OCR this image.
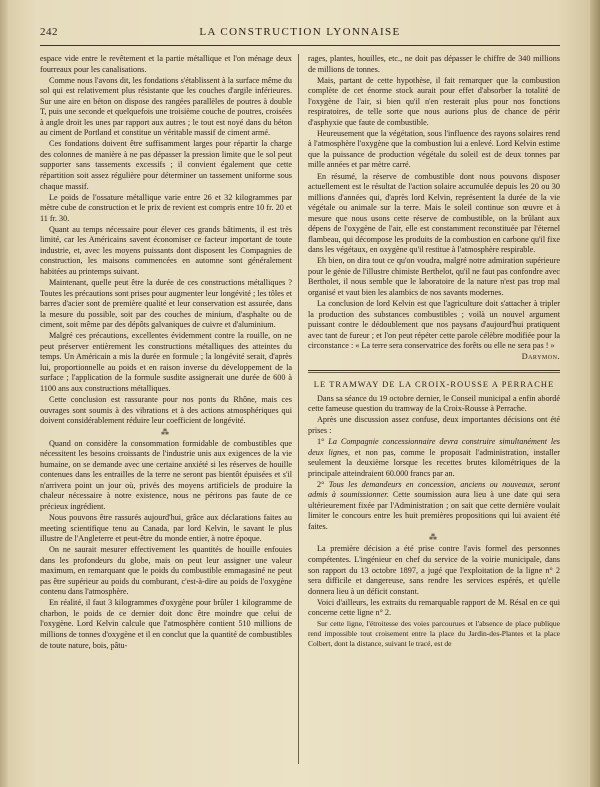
LA CONSTRUCTION LYONNAISE
242

espace vide entre le revêtement et la partie métallique et l'on ménage deux fourreaux pour les canalisations.

Comme nous l'avons dit, les fondations s'établissent à la surface même du sol qui est relativement plus résistante que les couches d'argile inférieures. Sur une aire en béton on dispose des rangées parallèles de poutres à double T, puis une seconde et quelquefois une troisième couche de poutres, croisées à angle droit les unes par rapport aux autres ; le tout est noyé dans du béton au ciment de Portland et constitue un véritable massif de ciment armé.

Ces fondations doivent être suffisamment larges pour répartir la charge des colonnes de manière à ne pas dépasser la pression limite que le sol peut supporter sans tassements excessifs ; il convient également que cette répartition soit assez régulière pour déterminer un tassement uniforme sous chaque massif.

Le poids de l'ossature métallique varie entre 26 et 32 kilogrammes par mètre cube de construction et le prix de revient est compris entre 10 fr. 20 et 11 fr. 30.

Quant au temps nécessaire pour élever ces grands bâtiments, il est très limité, car les Américains savent économiser ce facteur important de toute industrie, et, avec les moyens puissants dont disposent les Compagnies de construction, les maisons commencées en automne sont généralement habitées au printemps suivant.

Maintenant, quelle peut être la durée de ces constructions métalliques ? Toutes les précautions sont prises pour augmenter leur longévité ; les tôles et barres d'acier sont de première qualité et leur conservation est assurée, dans la mesure du possible, soit par des couches de minium, d'asphalte ou de ciment, soit même par des dépôts galvaniques de cuivre et d'aluminium.

Malgré ces précautions, excellentes évidemment contre la rouille, on ne peut préserver entièrement les constructions métalliques des atteintes du temps. Un Américain a mis la durée en formule ; la longévité serait, d'après lui, proportionnelle au poids et en raison inverse du développement de la surface ; l'application de la formule susdite assignerait une durée de 600 à 1100 ans aux constructions métalliques.

Cette conclusion est rassurante pour nos ponts du Rhône, mais ces ouvrages sont soumis à des vibrations et à des actions atmosphériques qui doivent considérablement réduire leur coefficient de longévité.

⁂

Quand on considère la consommation formidable de combustibles que nécessitent les besoins croissants de l'industrie unis aux exigences de la vie humaine, on se demande avec une certaine anxiété si les réserves de houille contenues dans les entrailles de la terre ne seront pas bientôt épuisées et s'il n'arrivera point un jour où, privés des moyens artificiels de produire la chaleur nécessaire à notre existence, nous ne périrons pas faute de ce précieux ingrédient.

Nous pouvons être rassurés aujourd'hui, grâce aux déclarations faites au meeting scientifique tenu au Canada, par lord Kelvin, le savant le plus illustre de l'Angleterre et peut-être du monde entier, à notre époque.

On ne saurait mesurer effectivement les quantités de houille enfouies dans les profondeurs du globe, mais on peut leur assigner une valeur maximum, en remarquant que le poids du combustible emmagasiné ne peut pas être supérieur au poids du comburant, c'est-à-dire au poids de l'oxygène contenu dans l'atmosphère.

En réalité, il faut 3 kilogrammes d'oxygène pour brûler 1 kilogramme de charbon, le poids de ce dernier doit donc être moindre que celui de l'oxygène. Lord Kelvin calcule que l'atmosphère contient 510 millions de millions de tonnes d'oxygène et il en conclut que la quantité de combustibles de toute nature, bois, pâtu-

rages, plantes, houilles, etc., ne doit pas dépasser le chiffre de 340 millions de millions de tonnes.

Mais, partant de cette hypothèse, il fait remarquer que la combustion complète de cet énorme stock aurait pour effet d'absorber la totalité de l'oxygène de l'air, si bien qu'il n'en resterait plus pour nos fonctions respiratoires, de telle sorte que nous aurions plus de chance de périr d'asphyxie que faute de combustible.

Heureusement que la végétation, sous l'influence des rayons solaires rend à l'atmosphère l'oxygène que la combustion lui a enlevé. Lord Kelvin estime que la puissance de production végétale du soleil est de deux tonnes par mille années et par mètre carré.

En résumé, la réserve de combustible dont nous pouvons disposer actuellement est le résultat de l'action solaire accumulée depuis les 20 ou 30 millions d'années qui, d'après lord Kelvin, représentent la durée de la vie végétale ou animale sur la terre. Mais le soleil continue son œuvre et à mesure que nous usons cette réserve de combustible, on la brûlant aux dépens de l'oxygène de l'air, elle est constamment reconstituée par l'éternel flambeau, qui décompose les produits de la combustion en carbone qu'il fixe dans les végétaux, en oxygène qu'il restitue à l'atmosphère respirable.

Eh bien, on dira tout ce qu'on voudra, malgré notre admiration supérieure pour le génie de l'illustre chimiste Berthelot, qu'il ne faut pas confondre avec Bertholet, il nous semble que le laboratoire de la nature n'est pas trop mal organisé et vaut bien les alambics de nos savants modernes.

La conclusion de lord Kelvin est que l'agriculture doit s'attacher à tripler la production des substances combustibles ; voilà un nouvel argument puissant contre le dédoublement que nos paysans d'aujourd'hui pratiquent avec tant de fureur ; et l'on peut répéter cette parole célèbre modifiée pour la circonstance : « La terre sera conservatrice des forêts ou elle ne sera pas ! »

Darymon.
LE TRAMWAY DE LA CROIX-ROUSSE A PERRACHE

Dans sa séance du 19 octobre dernier, le Conseil municipal a enfin abordé cette fameuse question du tramway de la Croix-Rousse à Perrache.

Après une discussion assez confuse, deux importantes décisions ont été prises :

1° La Compagnie concessionnaire devra construire simultanément les deux lignes, et non pas, comme le proposait l'administration, installer seulement la deuxième lorsque les recettes brutes kilométriques de la principale atteindraient 60.000 francs par an.

2° Tous les demandeurs en concession, anciens ou nouveaux, seront admis à soumissionner. Cette soumission aura lieu à une date qui sera ultérieurement fixée par l'Administration ; on sait que cette dernière voulait limiter le concours entre les huit premières propositions qui lui avaient été faites.

⁂

La première décision a été prise contre l'avis formel des personnes compétentes. L'ingénieur en chef du service de la voirie municipale, dans son rapport du 13 octobre 1897, a jugé que l'exploitation de la ligne n° 2 sera difficile et dangereuse, sans rendre les services espérés, et qu'elle donnera lieu à un déficit constant.

Voici d'ailleurs, les extraits du remarquable rapport de M. Résal en ce qui concerne cette ligne n° 2.

Sur cette ligne, l'étroitesse des voies parcourues et l'absence de place publique rend impossible tout croisement entre la place du Jardin-des-Plantes et la place Colbert, dont la distance, suivant le tracé, est de
